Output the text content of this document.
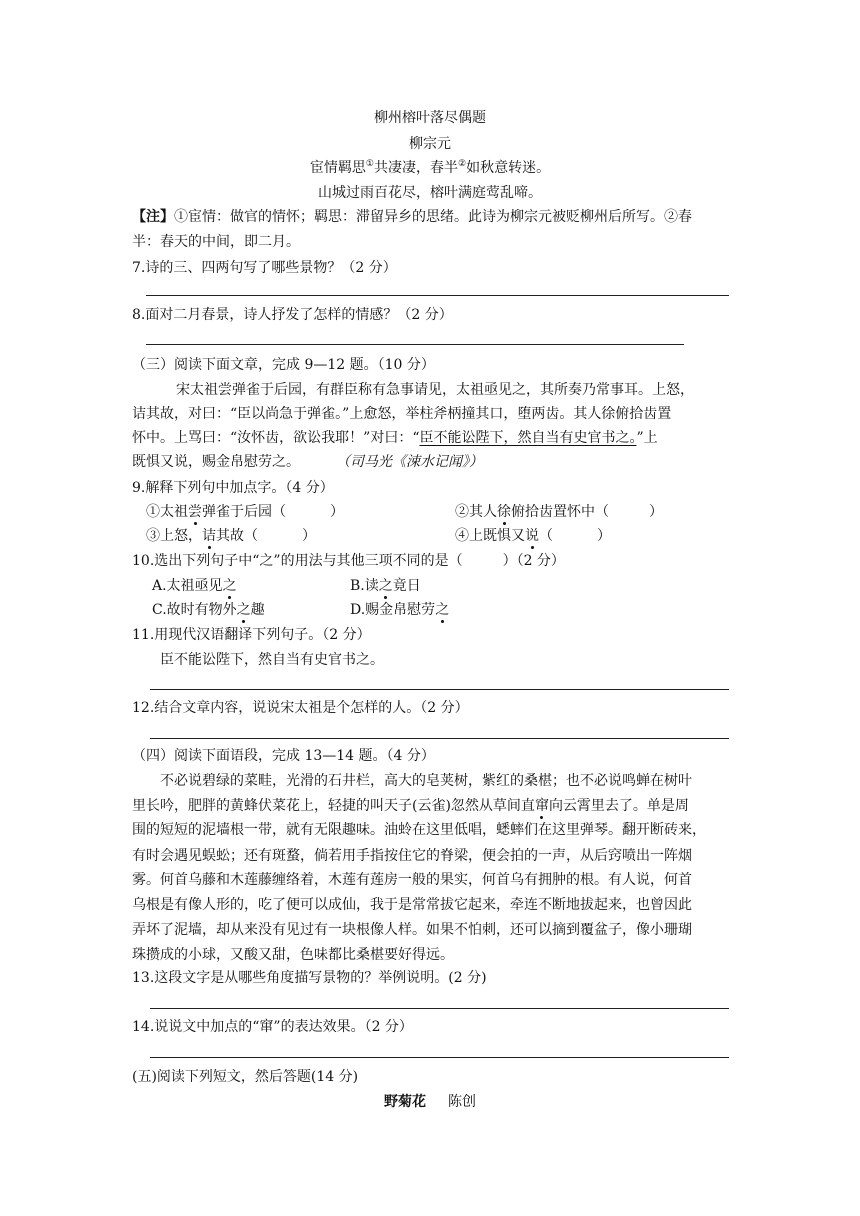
柳州榕叶落尽偶题
柳宗元
宦情羁思①共凄凄，春半②如秋意转迷。
山城过雨百花尽，榕叶满庭莺乱啼。
【注】①宦情：做官的情怀；羁思：滞留异乡的思绪。此诗为柳宗元被贬柳州后所写。②春
半：春天的中间，即二月。
7.诗的三、四两句写了哪些景物？（2 分）
8.面对二月春景，诗人抒发了怎样的情感？（2 分）
（三）阅读下面文章，完成 9—12 题。（10 分）
宋太祖尝弹雀于后园，有群臣称有急事请见，太祖亟见之，其所奏乃常事耳。上怒，
诘其故，对曰：“臣以尚急于弹雀。”上愈怒，举柱斧柄撞其口，堕两齿。其人徐俯拾齿置
怀中。上骂曰：“汝怀齿，欲讼我耶！”对曰：“臣不能讼陛下，然自当有史官书之。”上
既惧又说，赐金帛慰劳之。	（司马光《涑水记闻》）
9.解释下列句中加点字。（4 分）
①太祖尝弹雀于后园（	）	②其人徐俯拾齿置怀中（	）
③上怒，诘其故（	）	④上既惧又说（	）
10.选出下列句子中“之”的用法与其他三项不同的是（	）（2 分）
A.太祖亟见之	B.读之竟日
C.故时有物外之趣	D.赐金帛慰劳之
11.用现代汉语翻译下列句子。（2 分）
臣不能讼陛下，然自当有史官书之。
12.结合文章内容，说说宋太祖是个怎样的人。（2 分）
（四）阅读下面语段，完成 13—14 题。（4 分）
不必说碧绿的菜畦，光滑的石井栏，高大的皂荚树，紫红的桑椹；也不必说鸣蝉在树叶
里长吟，肥胖的黄蜂伏菜花上，轻捷的叫天子(云雀)忽然从草间直窜向云霄里去了。单是周
围的短短的泥墙根一带，就有无限趣味。油蛉在这里低唱，蟋蟀们在这里弹琴。翻开断砖来，
有时会遇见蜈蚣；还有斑蝥，倘若用手指按住它的脊梁，便会拍的一声，从后窍喷出一阵烟
雾。何首乌藤和木莲藤缠络着，木莲有莲房一般的果实，何首乌有拥肿的根。有人说，何首
乌根是有像人形的，吃了便可以成仙，我于是常常拔它起来，牵连不断地拔起来，也曾因此
弄坏了泥墙，却从来没有见过有一块根像人样。如果不怕刺，还可以摘到覆盆子，像小珊瑚
珠攒成的小球，又酸又甜，色味都比桑椹要好得远。
13.这段文字是从哪些角度描写景物的？举例说明。(2 分)
14.说说文中加点的“窜”的表达效果。（2 分）
(五)阅读下列短文，然后答题(14 分)
野菊花 陈创
